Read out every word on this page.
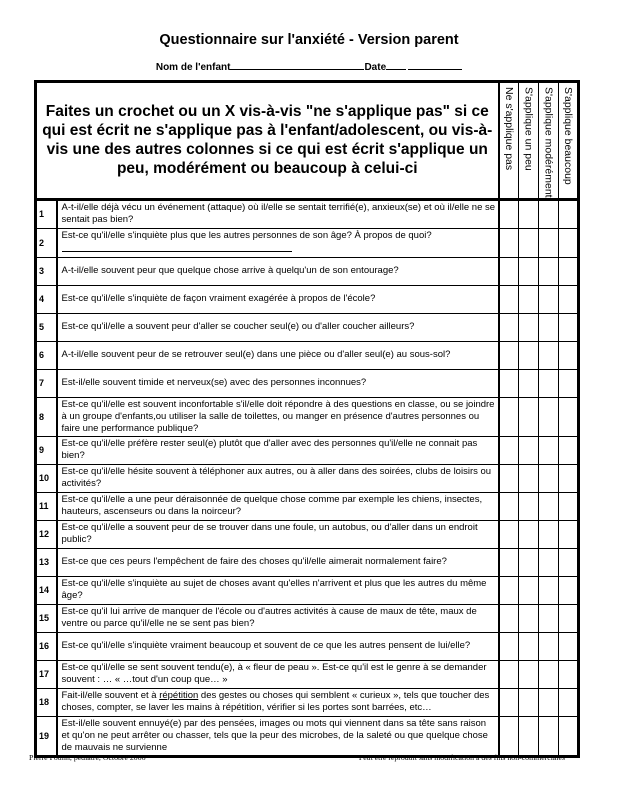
Questionnaire sur l'anxiété - Version parent
Nom de l'enfant	Date
Faites un crochet ou un X vis-à-vis "ne s'applique pas" si ce qui est écrit ne s'applique pas à l'enfant/adolescent, ou vis-à-vis une des autres colonnes si ce qui est écrit s'applique un peu, modérément ou beaucoup à celui-ci		Ne s'applique pas	S'applique un peu	S'applique modérément	S'applique beaucoup

1	A-t-il/elle déjà vécu un événement (attaque) où il/elle se sentait terrifié(e), anxieux(se) et où il/elle ne se sentait pas bien?				
2	Est-ce qu'il/elle s'inquiète plus que les autres personnes de son âge? À propos de quoi?				
3	A-t-il/elle souvent peur que quelque chose arrive à quelqu'un de son entourage?				
4	Est-ce qu'il/elle s'inquiète de façon vraiment exagérée à propos de l'école?				
5	Est-ce qu'il/elle a souvent peur d'aller se coucher seul(e) ou d'aller coucher ailleurs?				
6	A-t-il/elle souvent peur de se retrouver seul(e) dans une pièce ou d'aller seul(e) au sous-sol?				
7	Est-il/elle souvent timide et nerveux(se) avec des personnes inconnues?				
8	Est-ce qu'il/elle est souvent inconfortable s'il/elle doit répondre à des questions en classe, ou se joindre à un groupe d'enfants,ou utiliser la salle de toilettes, ou manger en présence d'autres personnes ou faire une performance publique?				
9	Est-ce qu'il/elle préfère rester seul(e) plutôt que d'aller avec des personnes qu'il/elle ne connait pas bien?				
10	Est-ce qu'il/elle hésite souvent à téléphoner aux autres, ou à aller dans des soirées, clubs de loisirs ou activités?				
11	Est-ce qu'il/elle a une peur déraisonnée de quelque chose comme par exemple les chiens, insectes, hauteurs, ascenseurs ou dans la noirceur?				
12	Est-ce qu'il/elle a souvent peur de se trouver dans une foule, un autobus, ou d'aller dans un endroit public?				
13	Est-ce que ces peurs l'empêchent de faire des choses qu'il/elle aimerait normalement faire?				
14	Est-ce qu'il/elle s'inquiète au sujet de choses avant qu'elles n'arrivent et plus que les autres du même âge?				
15	Est-ce qu'il lui arrive de manquer de l'école ou d'autres activités à cause de maux de tête, maux de ventre ou parce qu'il/elle ne se sent pas bien?				
16	Est-ce qu'il/elle s'inquiète vraiment beaucoup et souvent de ce que les autres pensent de lui/elle?				
17	Est-ce qu'il/elle se sent souvent tendu(e), à « fleur de peau ». Est-ce qu'il est le genre à se demander souvent : … « …tout d'un coup que… »				
18	Fait-il/elle souvent et à répétition des gestes ou choses qui semblent « curieux », tels que toucher des choses, compter, se laver les mains à répétition, vérifier si les portes sont barrées, etc…				
19	Est-il/elle souvent ennuyé(e) par des pensées, images ou mots qui viennent dans sa tête sans raison et qu'on ne peut arrêter ou chasser, tels que la peur des microbes, de la saleté ou que quelque chose de mauvais ne survienne				
Pierre Poulin, pédiatre, Octobre 2006	Peut être reproduit sans modification à des fins non-commerciales
